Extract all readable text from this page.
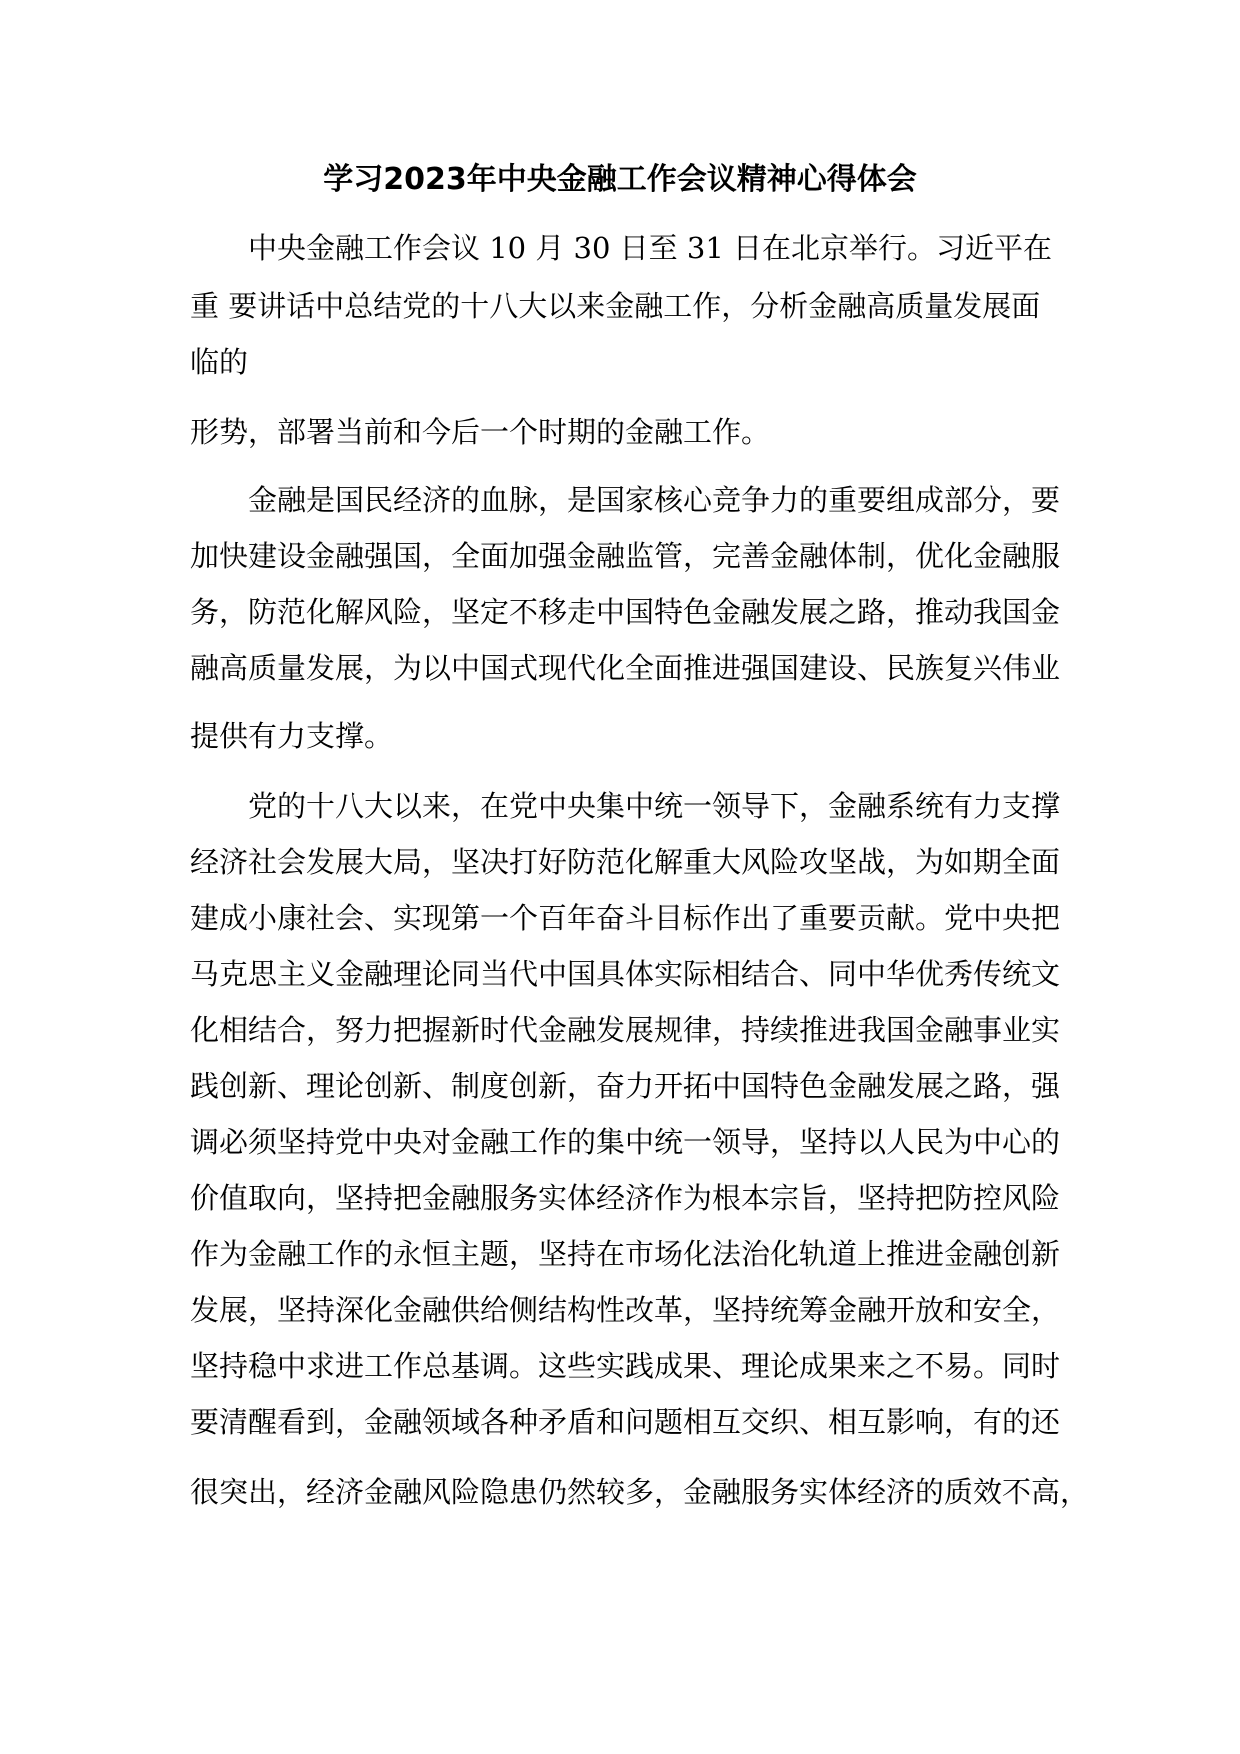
学习2023年中央金融工作会议精神心得体会
中央金融工作会议 10 月 30 日至 31 日在北京举行。习近平在
重 要讲话中总结党的十八大以来金融工作，分析金融高质量发展面
临的
形势，部署当前和今后一个时期的金融工作。
金融是国民经济的血脉，是国家核心竞争力的重要组成部分，要
加快建设金融强国，全面加强金融监管，完善金融体制，优化金融服
务，防范化解风险，坚定不移走中国特色金融发展之路，推动我国金
融高质量发展，为以中国式现代化全面推进强国建设、民族复兴伟业
提供有力支撑。
党的十八大以来，在党中央集中统一领导下，金融系统有力支撑
经济社会发展大局，坚决打好防范化解重大风险攻坚战，为如期全面
建成小康社会、实现第一个百年奋斗目标作出了重要贡献。党中央把
马克思主义金融理论同当代中国具体实际相结合、同中华优秀传统文
化相结合，努力把握新时代金融发展规律，持续推进我国金融事业实
践创新、理论创新、制度创新，奋力开拓中国特色金融发展之路，强
调必须坚持党中央对金融工作的集中统一领导，坚持以人民为中心的
价值取向，坚持把金融服务实体经济作为根本宗旨，坚持把防控风险
作为金融工作的永恒主题，坚持在市场化法治化轨道上推进金融创新
发展，坚持深化金融供给侧结构性改革，坚持统筹金融开放和安全，
坚持稳中求进工作总基调。这些实践成果、理论成果来之不易。同时
要清醒看到，金融领域各种矛盾和问题相互交织、相互影响，有的还
很突出，经济金融风险隐患仍然较多，金融服务实体经济的质效不高，
